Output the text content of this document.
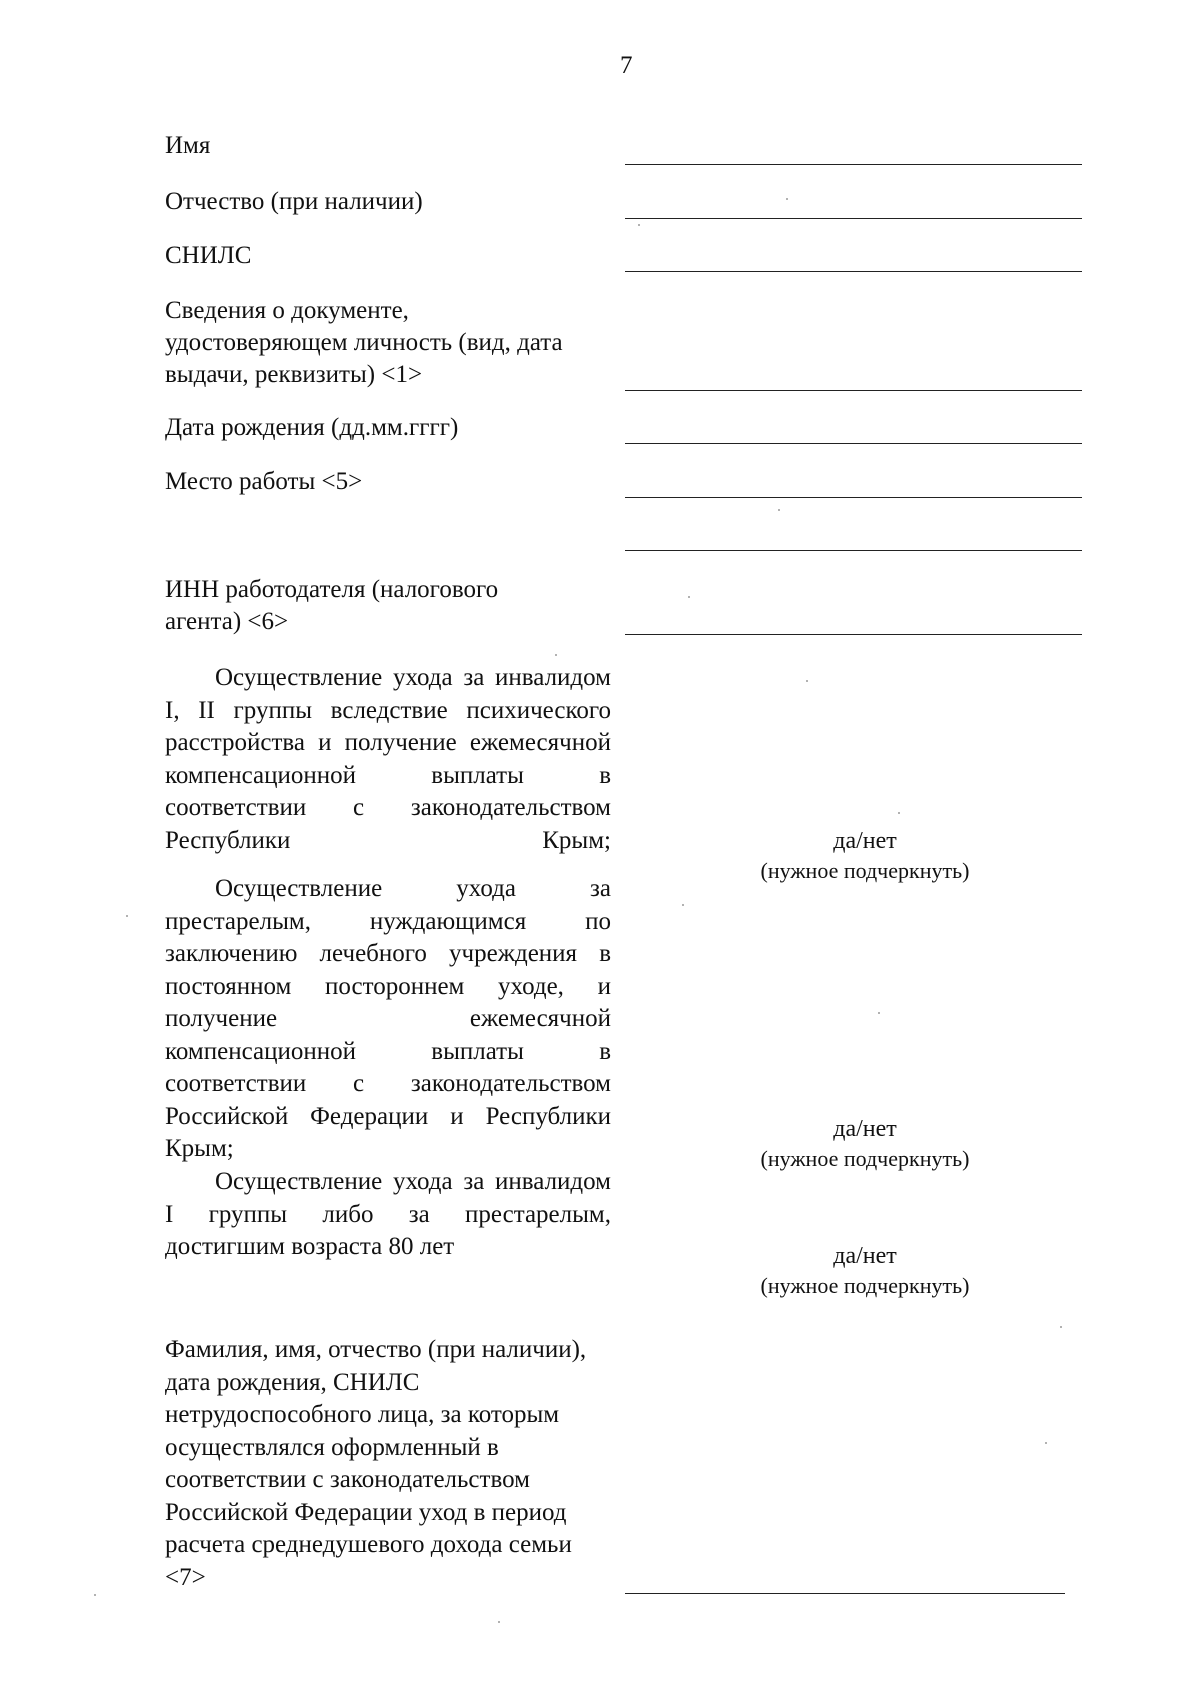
7
Имя
Отчество (при наличии)
СНИЛС
Сведения о документе, удостоверяющем личность (вид, дата выдачи, реквизиты) <1>
Дата рождения (дд.мм.гггг)
Место работы <5>
ИНН работодателя (налогового агента) <6>
Осуществление ухода за инвалидом I, II группы вследствие психического расстройства и получение ежемесячной компенсационной выплаты в соответствии с законодательством Республики Крым;	да/нет
(нужное подчеркнуть)
Осуществление ухода за престарелым, нуждающимся по заключению лечебного учреждения в постоянном постороннем уходе, и получение ежемесячной компенсационной выплаты в соответствии с законодательством Российской Федерации и Республики Крым;
да/нет
(нужное подчеркнуть)
Осуществление ухода за инвалидом I группы либо за престарелым, достигшим возраста 80 лет	да/нет
(нужное подчеркнуть)
Фамилия, имя, отчество (при наличии), дата рождения, СНИЛС нетрудоспособного лица, за которым осуществлялся оформленный в соответствии с законодательством Российской Федерации уход в период расчета среднедушевого дохода семьи <7>
